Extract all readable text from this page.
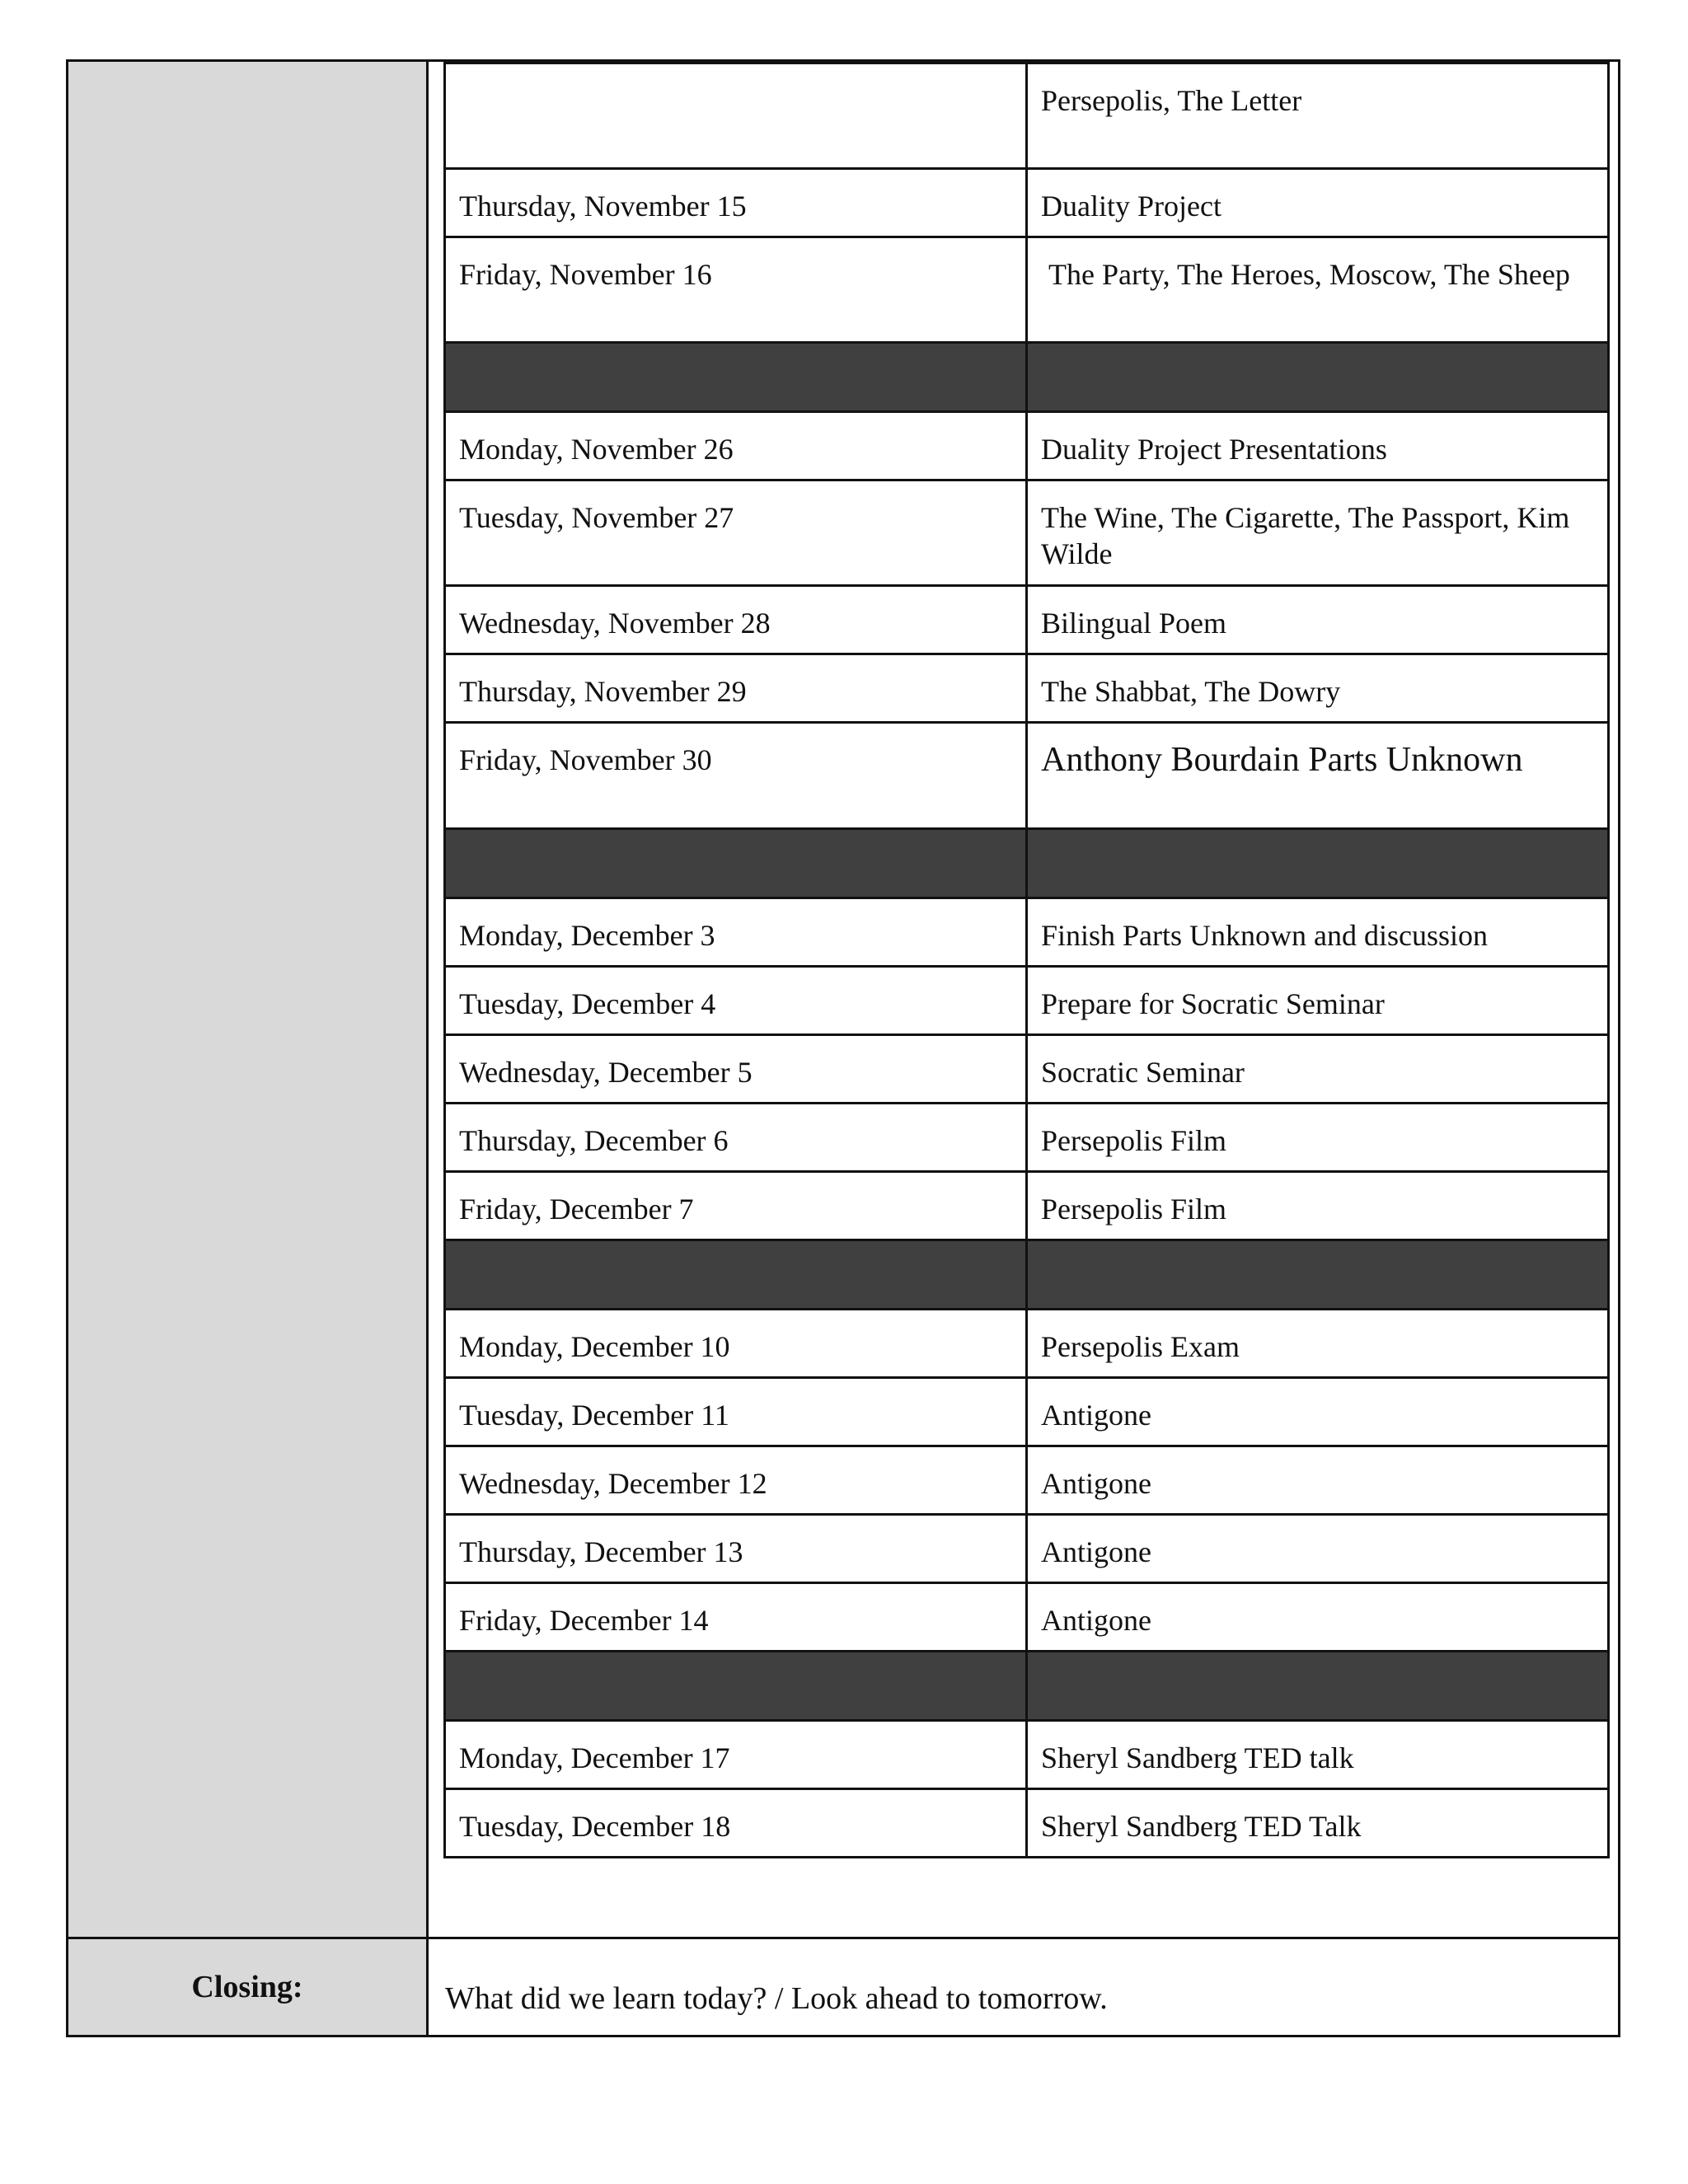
	Persepolis, The Letter
Thursday, November 15	Duality Project
Friday, November 16	The Party, The Heroes, Moscow, The Sheep

Monday, November 26	Duality Project Presentations
Tuesday, November 27	The Wine, The Cigarette, The Passport, Kim Wilde
Wednesday, November 28	Bilingual Poem
Thursday, November 29	The Shabbat, The Dowry
Friday, November 30	Anthony Bourdain Parts Unknown

Monday, December 3	Finish Parts Unknown and discussion
Tuesday, December 4	Prepare for Socratic Seminar
Wednesday, December 5	Socratic Seminar
Thursday, December 6	Persepolis Film
Friday, December 7	Persepolis Film

Monday, December 10	Persepolis Exam
Tuesday, December 11	Antigone
Wednesday, December 12	Antigone
Thursday, December 13	Antigone
Friday, December 14	Antigone

Monday, December 17	Sheryl Sandberg TED talk
Tuesday, December 18	Sheryl Sandberg TED Talk
Closing:	What did we learn today? / Look ahead to tomorrow.
